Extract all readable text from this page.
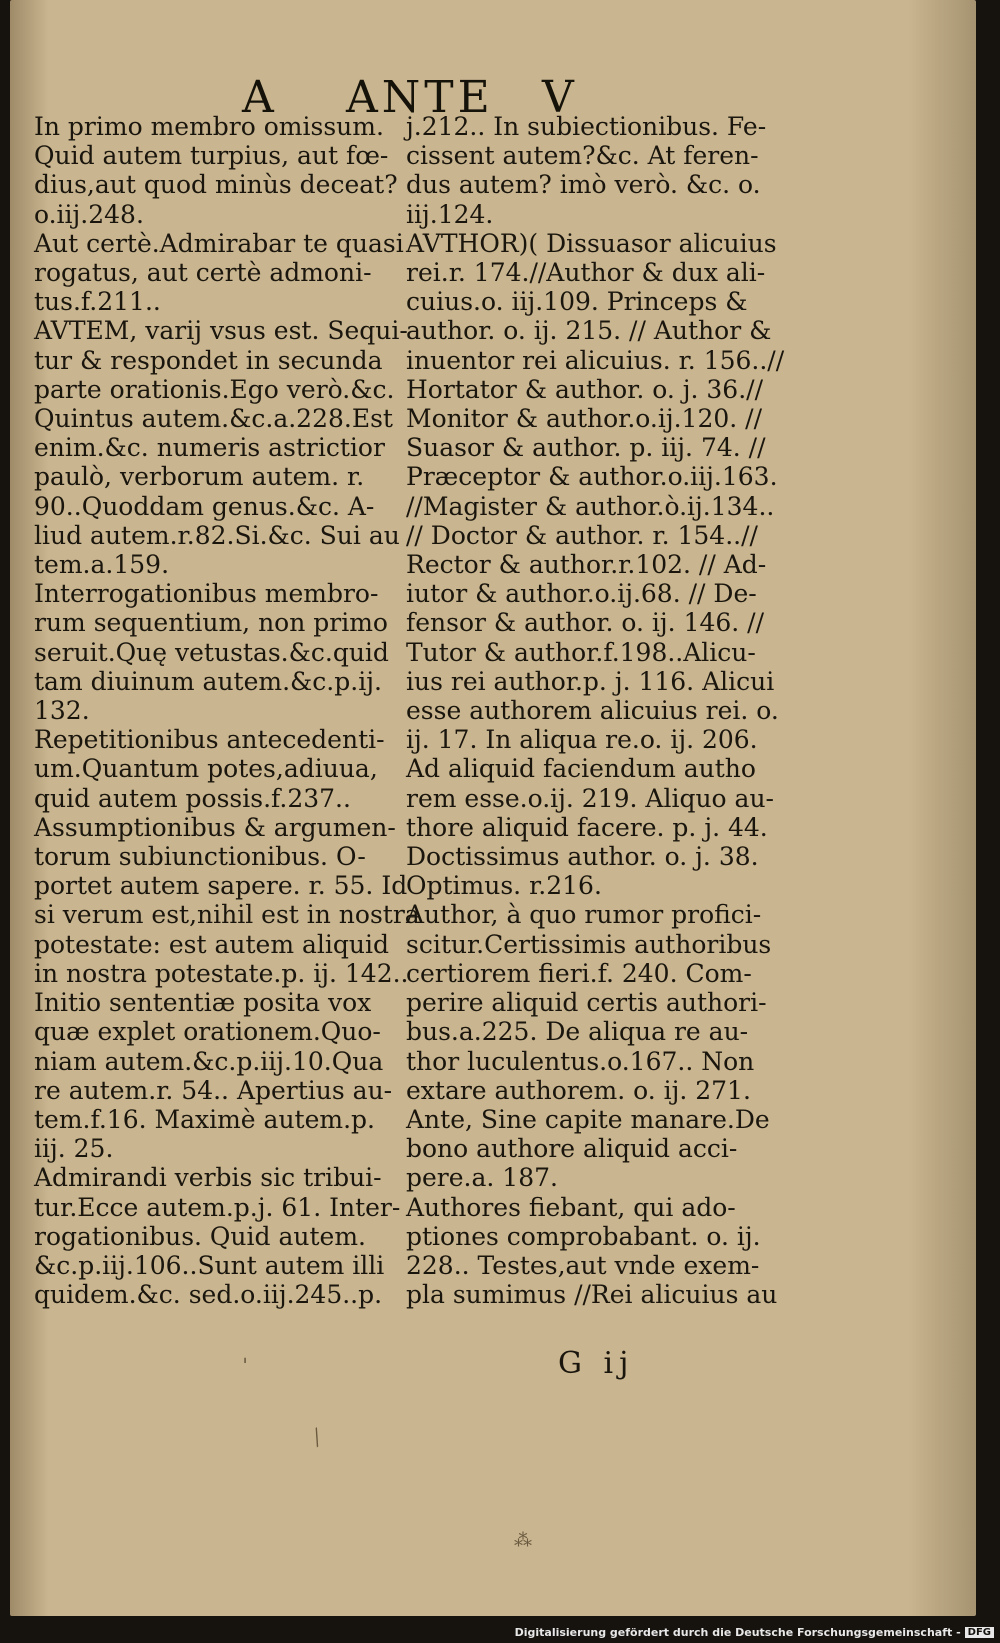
A ANTE V

In primo membro omissum.

Quid autem turpius, aut fœ-

dius,aut quod minùs deceat?

o.iij.248.

Aut certè.Admirabar te quasi

rogatus, aut certè admoni-

tus.f.211..

AVTEM, varij vsus est. Sequi-

tur & respondet in secunda

parte orationis.Ego verò.&c.

Quintus autem.&c.a.228.Est

enim.&c. numeris astrictior

paulò, verborum autem. r.

90..Quoddam genus.&c. A-

liud autem.r.82.Si.&c. Sui au

tem.a.159.

Interrogationibus membro-

rum sequentium, non primo

seruit.Quę vetustas.&c.quid

tam diuinum autem.&c.p.ij.

132.

Repetitionibus antecedenti-

um.Quantum potes,adiuua,

quid autem possis.f.237..

Assumptionibus & argumen-

torum subiunctionibus. O-

portet autem sapere. r. 55. Id

si verum est,nihil est in nostra

potestate: est autem aliquid

in nostra potestate.p. ij. 142..

Initio sententiæ posita vox

quæ explet orationem.Quo-

niam autem.&c.p.iij.10.Qua

re autem.r. 54.. Apertius au-

tem.f.16. Maximè autem.p.

iij. 25.

Admirandi verbis sic tribui-

tur.Ecce autem.p.j. 61. Inter-

rogationibus. Quid autem.

&c.p.iij.106..Sunt autem illi

quidem.&c. sed.o.iij.245..p.

j.212.. In subiectionibus. Fe-

cissent autem?&c. At feren-

dus autem? imò verò. &c. o.

iij.124.

AVTHOR)( Dissuasor alicuius

rei.r. 174.//Author & dux ali-

cuius.o. iij.109. Princeps &

author. o. ij. 215. // Author &

inuentor rei alicuius. r. 156..//

Hortator & author. o. j. 36.//

Monitor & author.o.ij.120. //

Suasor & author. p. iij. 74. //

Præceptor & author.o.iij.163.

//Magister & author.ò.ij.134..

// Doctor & author. r. 154..//

Rector & author.r.102. // Ad-

iutor & author.o.ij.68. // De-

fensor & author. o. ij. 146. //

Tutor & author.f.198..Alicu-

ius rei author.p. j. 116. Alicui

esse authorem alicuius rei. o.

ij. 17. In aliqua re.o. ij. 206.

Ad aliquid faciendum autho

rem esse.o.ij. 219. Aliquo au-

thore aliquid facere. p. j. 44.

Doctissimus author. o. j. 38.

Optimus. r.216.

Author, à quo rumor profici-

scitur.Certissimis authoribus

certiorem fieri.f. 240. Com-

perire aliquid certis authori-

bus.a.225. De aliqua re au-

thor luculentus.o.167.. Non

extare authorem. o. ij. 271.

Ante, Sine capite manare.De

bono authore aliquid acci-

pere.a. 187.

Authores fiebant, qui ado-

ptiones comprobabant. o. ij.

228.. Testes,aut vnde exem-

pla sumimus //Rei alicuius au

G ij
ˈ
⁄
⁂
Digitalisierung gefördert durch die Deutsche Forschungsgemeinschaft - DFG
